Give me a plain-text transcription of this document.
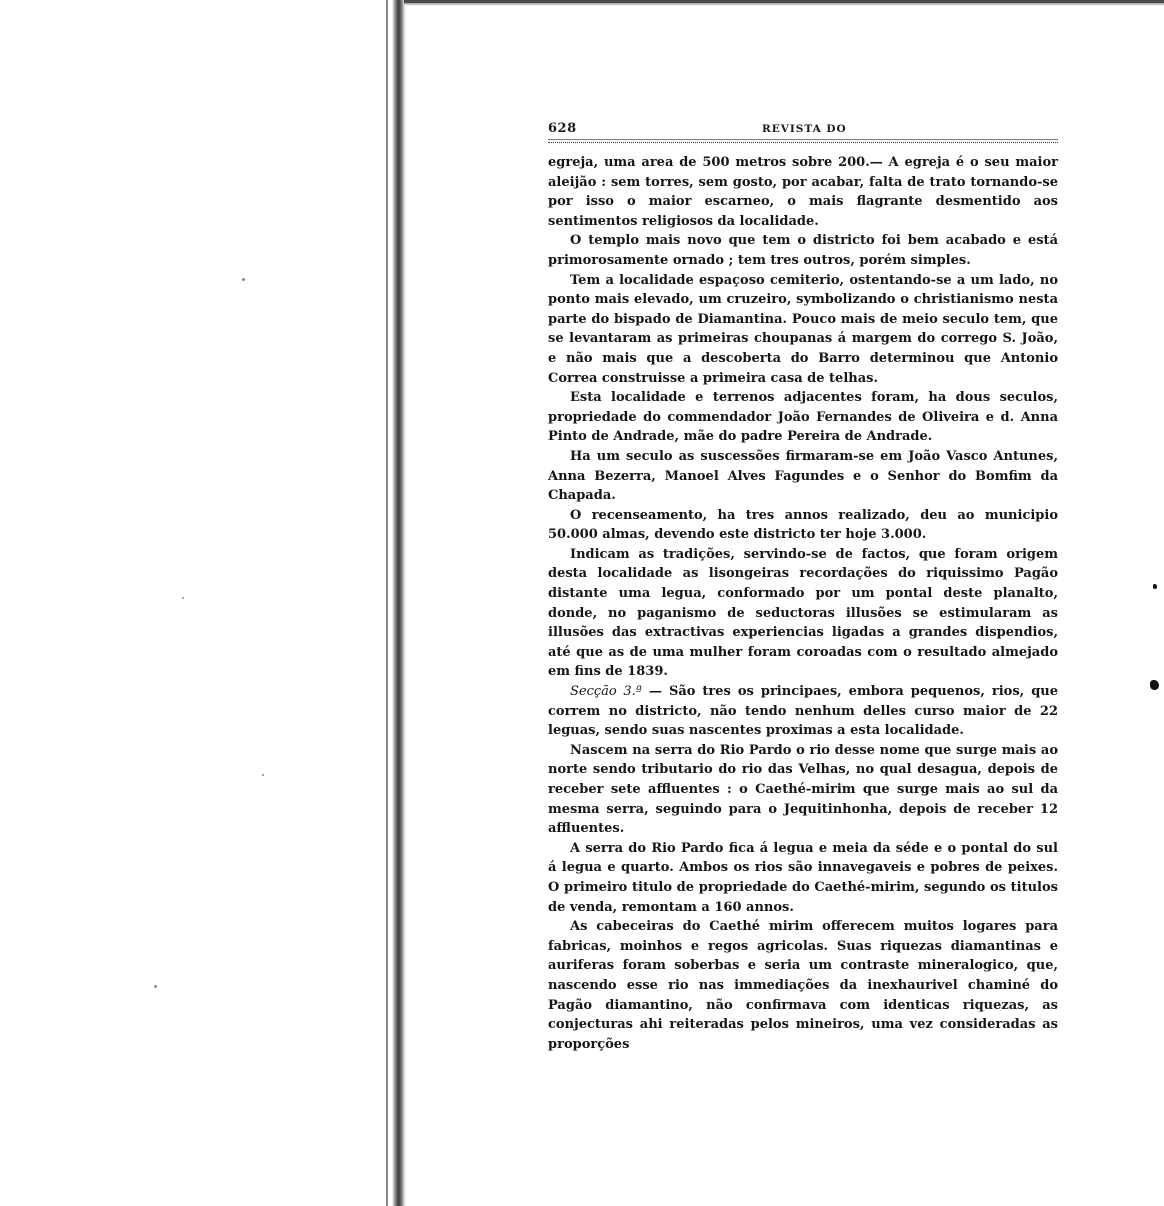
628	REVISTA DO

egreja, uma area de 500 metros sobre 200.— A egreja é o seu maior aleijão : sem torres, sem gosto, por acabar, falta de trato tornando-se por isso o maior escarneo, o mais flagrante desmentido aos sentimentos religiosos da localidade.

O templo mais novo que tem o districto foi bem acabado e está primorosamente ornado ; tem tres outros, porém simples.

Tem a localidade espaçoso cemiterio, ostentando-se a um lado, no ponto mais elevado, um cruzeiro, symbolizando o christianismo nesta parte do bispado de Diamantina. Pouco mais de meio seculo tem, que se levantaram as primeiras choupanas á margem do corrego S. João, e não mais que a descoberta do Barro determinou que Antonio Correa construisse a primeira casa de telhas.

Esta localidade e terrenos adjacentes foram, ha dous seculos, propriedade do commendador João Fernandes de Oliveira e d. Anna Pinto de Andrade, mãe do padre Pereira de Andrade.

Ha um seculo as suscessões firmaram-se em João Vasco Antunes, Anna Bezerra, Manoel Alves Fagundes e o Senhor do Bomfim da Chapada.

O recenseamento, ha tres annos realizado, deu ao municipio 50.000 almas, devendo este districto ter hoje 3.000.

Indicam as tradições, servindo-se de factos, que foram origem desta localidade as lisongeiras recordações do riquissimo Pagão distante uma legua, conformado por um pontal deste planalto, donde, no paganismo de seductoras illusões se estimularam as illusões das extractivas experiencias ligadas a grandes dispendios, até que as de uma mulher foram coroadas com o resultado almejado em fins de 1839.

Secção 3.ª — São tres os principaes, embora pequenos, rios, que correm no districto, não tendo nenhum delles curso maior de 22 leguas, sendo suas nascentes proximas a esta localidade.

Nascem na serra do Rio Pardo o rio desse nome que surge mais ao norte sendo tributario do rio das Velhas, no qual desagua, depois de receber sete affluentes : o Caethé-mirim que surge mais ao sul da mesma serra, seguindo para o Jequitinhonha, depois de receber 12 affluentes.

A serra do Rio Pardo fica á legua e meia da séde e o pontal do sul á legua e quarto. Ambos os rios são innavegaveis e pobres de peixes. O primeiro titulo de propriedade do Caethé-mirim, segundo os titulos de venda, remontam a 160 annos.

As cabeceiras do Caethé mirim offerecem muitos logares para fabricas, moinhos e regos agricolas. Suas riquezas diamantinas e auriferas foram soberbas e seria um contraste mineralogico, que, nascendo esse rio nas immediações da inexhaurivel chaminé do Pagão diamantino, não confirmava com identicas riquezas, as conjecturas ahi reiteradas pelos mineiros, uma vez consideradas as proporções
